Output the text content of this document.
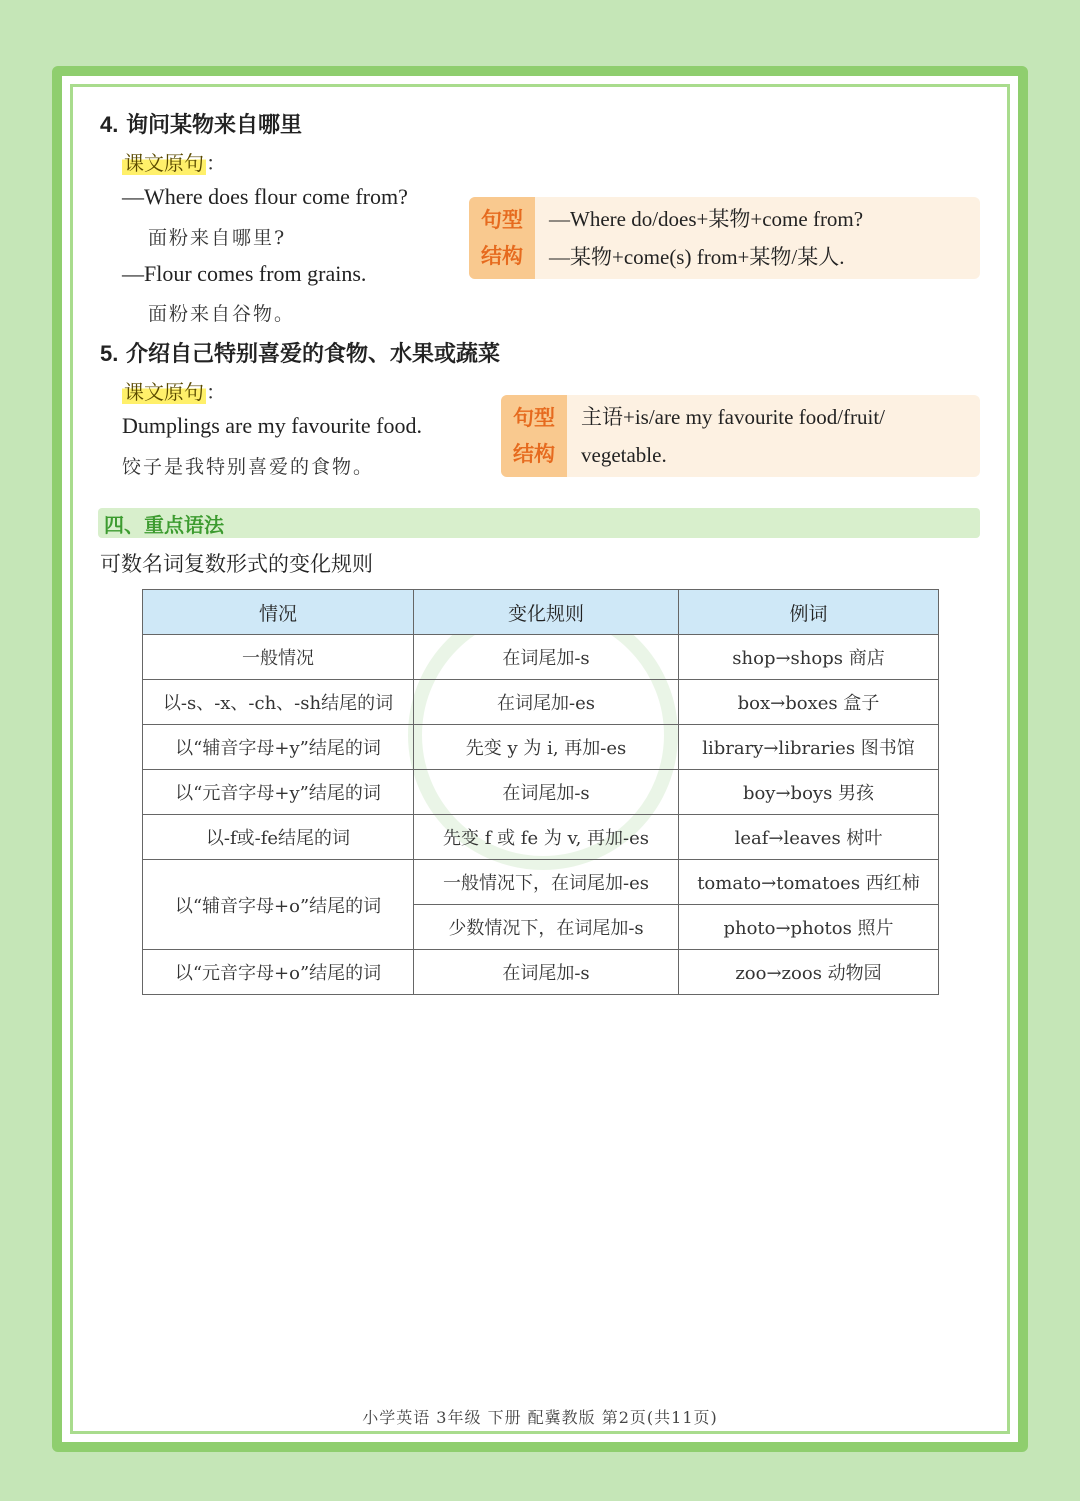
4. 询问某物来自哪里
课文原句 ：
—Where does flour come from?
面粉来自哪里?
—Flour comes from grains.
面粉来自谷物。
句型
结构
—Where do/does+某物+come from?
—某物+come(s) from+某物/某人.
5. 介绍自己特别喜爱的食物、水果或蔬菜
课文原句 ：
Dumplings are my favourite food.
饺子是我特别喜爱的食物。
句型
结构
主语+is/are my favourite food/fruit/
vegetable.
四、重点语法
可数名词复数形式的变化规则
情况	变化规则	例词
一般情况	在词尾加-s	shop→shops 商店
以-s、-x、-ch、-sh结尾的词	在词尾加-es	box→boxes 盒子
以“辅音字母+y”结尾的词	先变 y 为 i, 再加-es	library→libraries 图书馆
以“元音字母+y”结尾的词	在词尾加-s	boy→boys 男孩
以-f或-fe结尾的词	先变 f 或 fe 为 v, 再加-es	leaf→leaves 树叶
以“辅音字母+o”结尾的词	一般情况下，在词尾加-es	tomato→tomatoes 西红柿
	少数情况下，在词尾加-s	photo→photos 照片
以“元音字母+o”结尾的词	在词尾加-s	zoo→zoos 动物园
小学英语 3年级 下册 配冀教版 第2页(共11页)
